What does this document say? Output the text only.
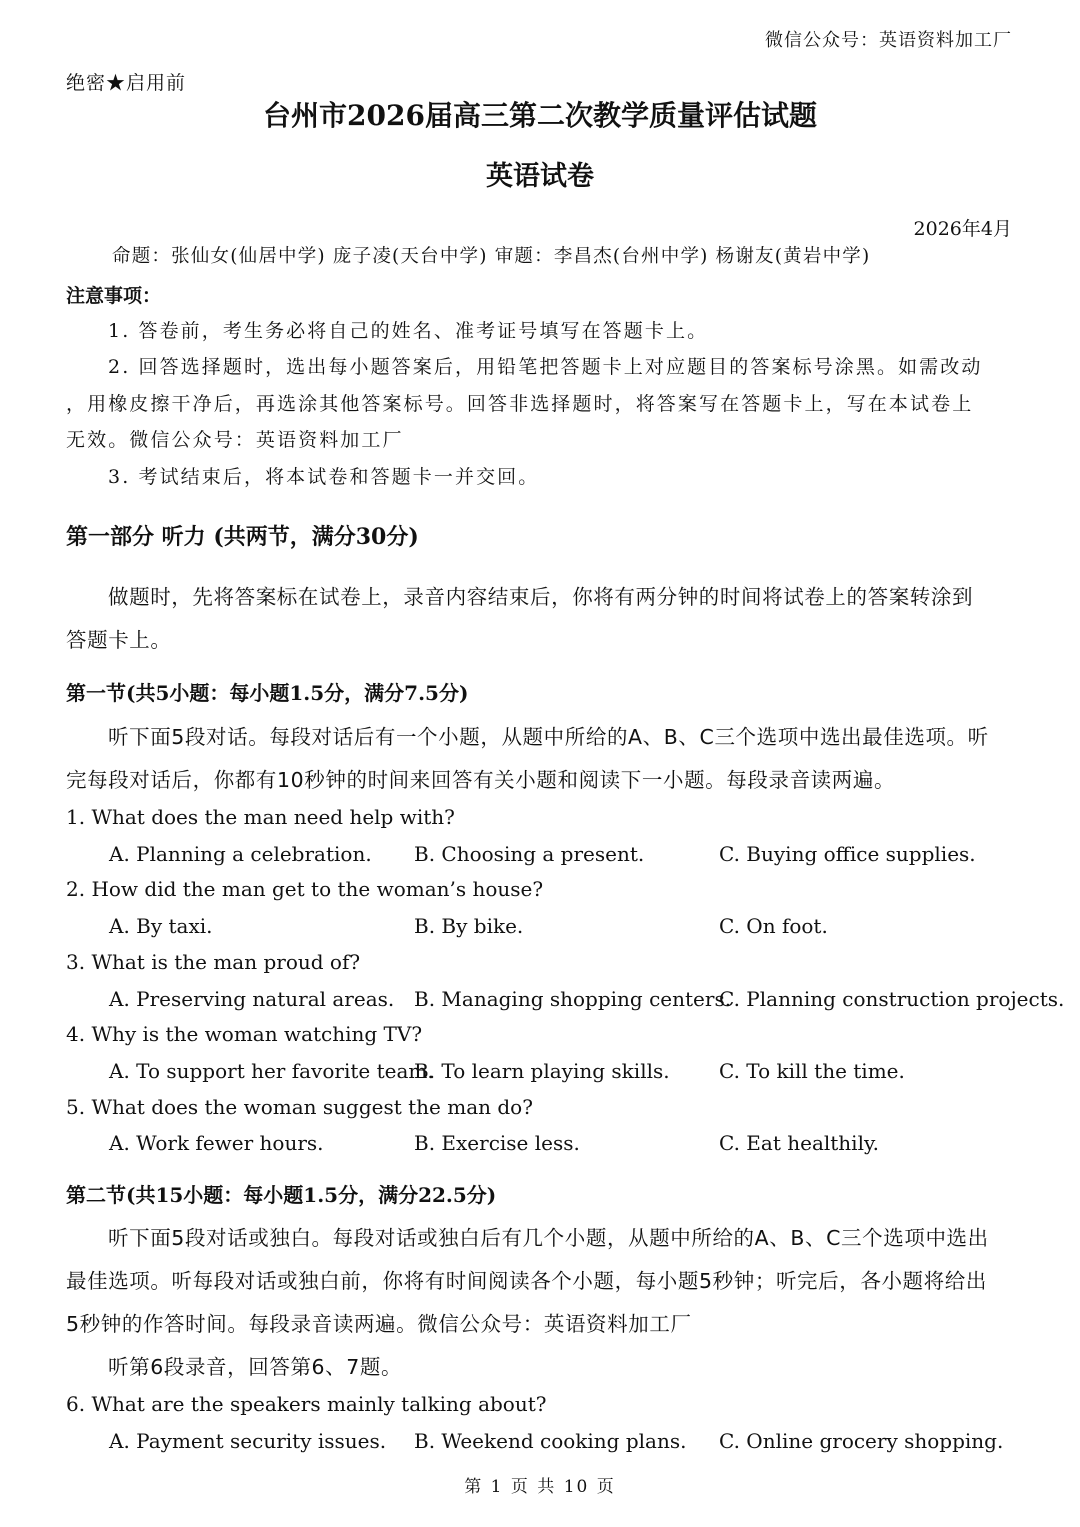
微信公众号：英语资料加工厂
绝密★启用前
台州市2026届高三第二次教学质量评估试题
英语试卷
2026年4月
命题：张仙女(仙居中学) 庞子凌(天台中学) 审题：李昌杰(台州中学) 杨谢友(黄岩中学)
注意事项：
1. 答卷前，考生务必将自己的姓名、准考证号填写在答题卡上。
2. 回答选择题时，选出每小题答案后，用铅笔把答题卡上对应题目的答案标号涂黑。如需改动
，用橡皮擦干净后，再选涂其他答案标号。回答非选择题时，将答案写在答题卡上，写在本试卷上
无效。微信公众号：英语资料加工厂
3. 考试结束后，将本试卷和答题卡一并交回。
第一部分 听力 (共两节，满分30分)
做题时，先将答案标在试卷上，录音内容结束后，你将有两分钟的时间将试卷上的答案转涂到
答题卡上。
第一节(共5小题：每小题1.5分，满分7.5分)
听下面5段对话。每段对话后有一个小题，从题中所给的A、B、C三个选项中选出最佳选项。听
完每段对话后，你都有10秒钟的时间来回答有关小题和阅读下一小题。每段录音读两遍。
1. What does the man need help with?
A. Planning a celebration. B. Choosing a present.	C. Buying office supplies.
2. How did the man get to the woman’s house?
A. By taxi.	B. By bike.	C. On foot.
3. What is the man proud of?
A. Preserving natural areas. B. Managing shopping centers.
C. Planning construction projects.
4. Why is the woman watching TV?
A. To support her favorite team.
B. To learn playing skills. C. To kill the time.
5. What does the woman suggest the man do?
A. Work fewer hours.	B. Exercise less.	C. Eat healthily.
第二节(共15小题：每小题1.5分，满分22.5分)
听下面5段对话或独白。每段对话或独白后有几个小题，从题中所给的A、B、C三个选项中选出
最佳选项。听每段对话或独白前，你将有时间阅读各个小题，每小题5秒钟；听完后，各小题将给出
5秒钟的作答时间。每段录音读两遍。微信公众号：英语资料加工厂
听第6段录音，回答第6、7题。
6. What are the speakers mainly talking about?
A. Payment security issues. B. Weekend cooking plans. C. Online grocery shopping.
第 1 页 共 10 页
